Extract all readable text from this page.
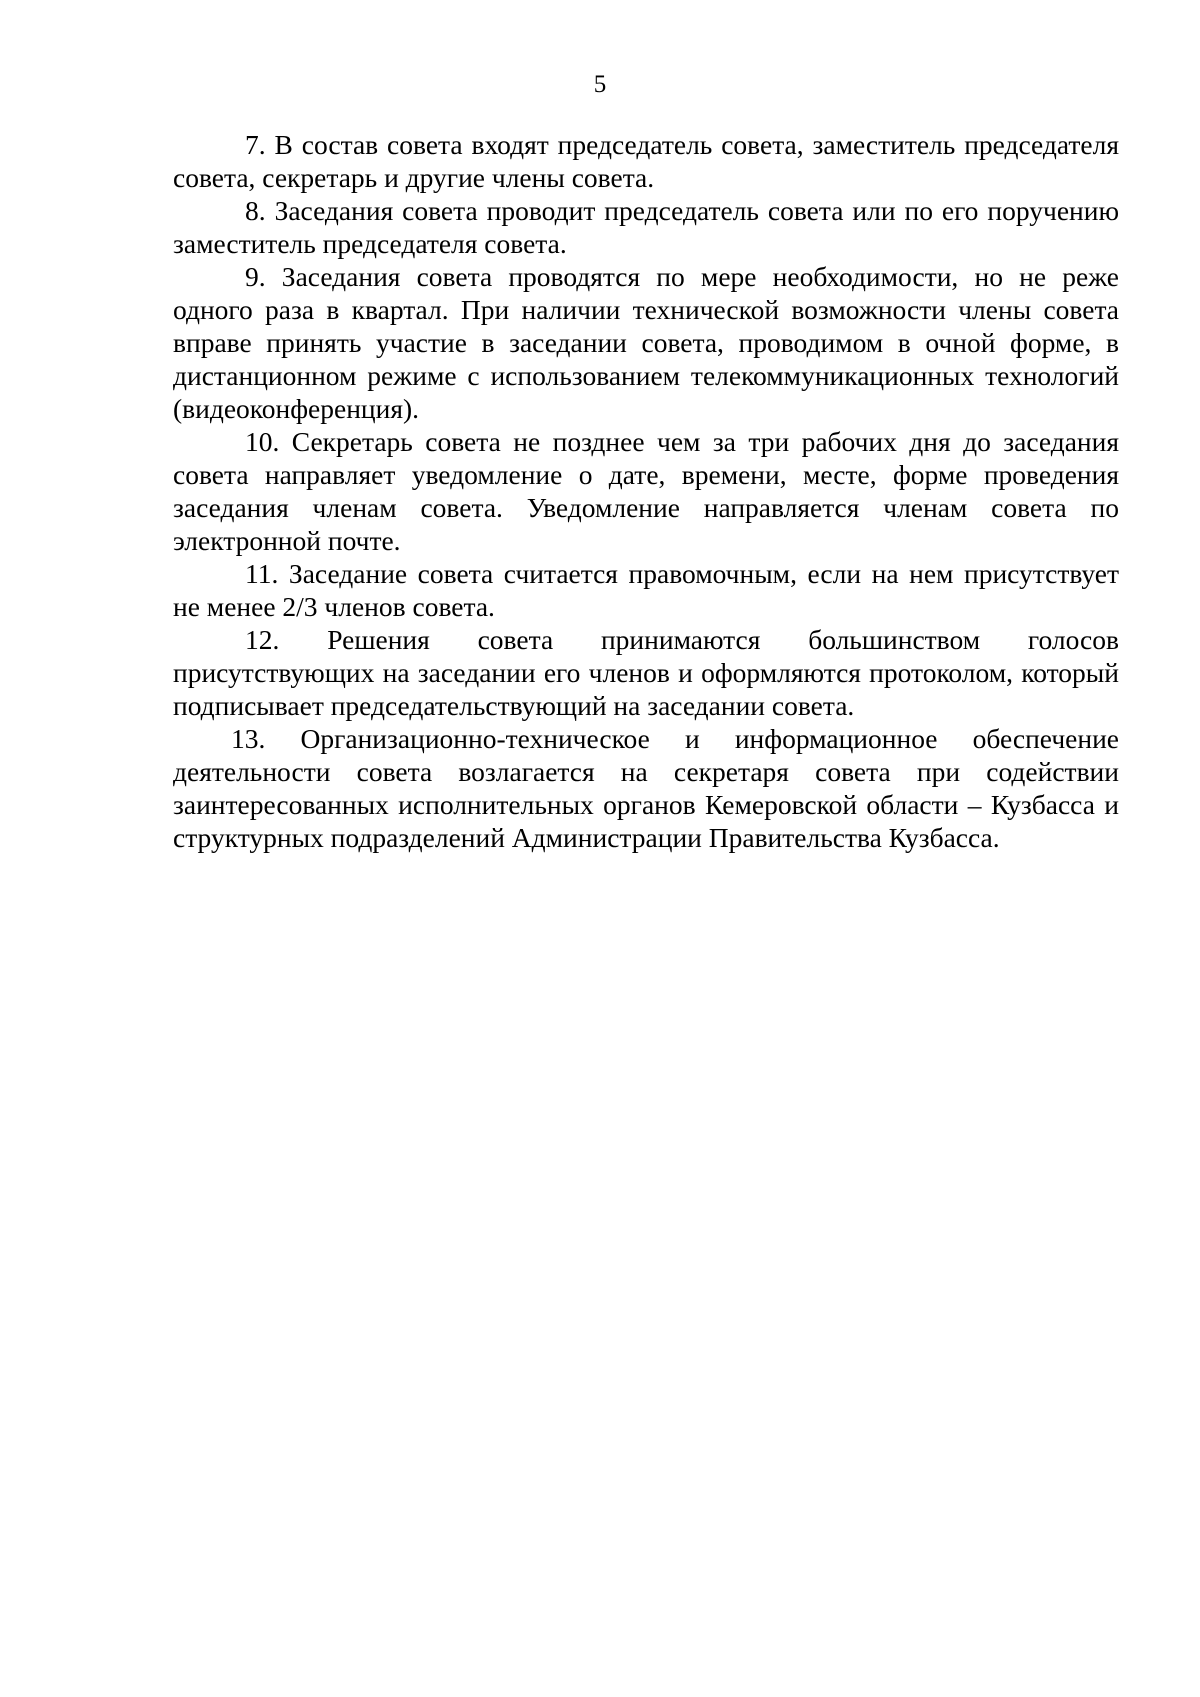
5

7. В состав совета входят председатель совета, заместитель председателя совета, секретарь и другие члены совета.

8. Заседания совета проводит председатель совета или по его поручению заместитель председателя совета.

9. Заседания совета проводятся по мере необходимости, но не реже одного раза в квартал. При наличии технической возможности члены совета вправе принять участие в заседании совета, проводимом в очной форме, в дистанционном режиме с использованием телекоммуникационных технологий (видеоконференция).

10. Секретарь совета не позднее чем за три рабочих дня до заседания совета направляет уведомление о дате, времени, месте, форме проведения заседания членам совета. Уведомление направляется членам совета по электронной почте.

11. Заседание совета считается правомочным, если на нем присутствует не менее 2/3 членов совета.

12. Решения совета принимаются большинством голосов присутствующих на заседании его членов и оформляются протоколом, который подписывает председательствующий на заседании совета.

13. Организационно-техническое и информационное обеспечение деятельности совета возлагается на секретаря совета при содействии заинтересованных исполнительных органов Кемеровской области – Кузбасса и структурных подразделений Администрации Правительства Кузбасса.
